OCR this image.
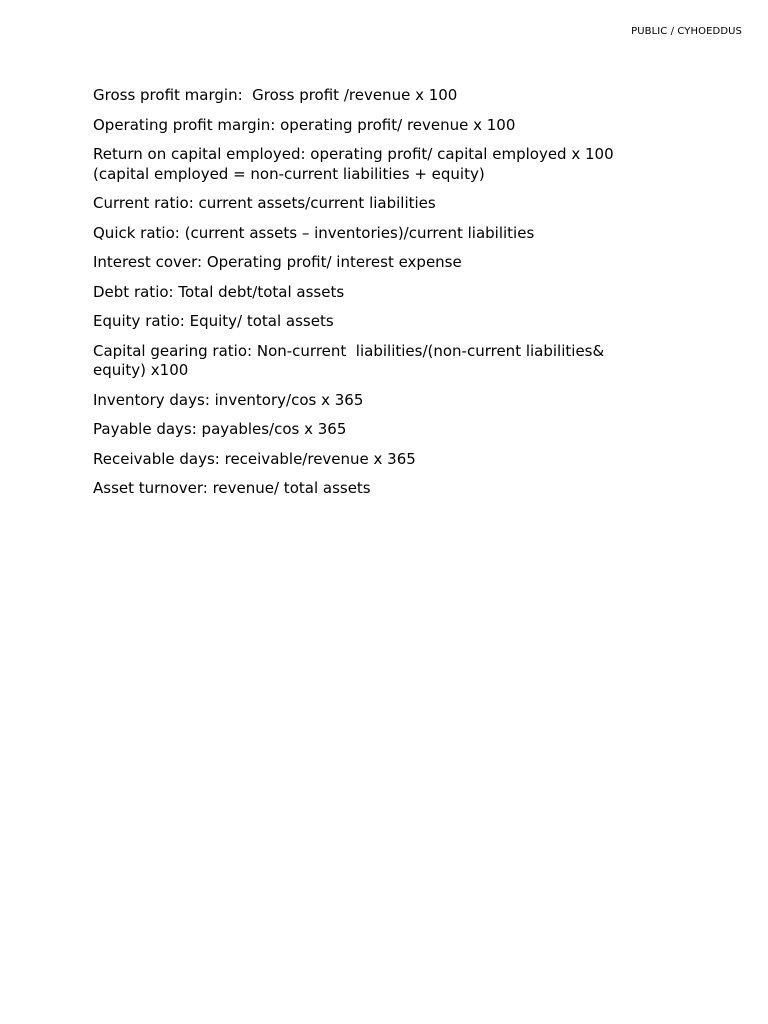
PUBLIC / CYHOEDDUS
Gross profit margin:  Gross profit /revenue x 100
Operating profit margin: operating profit/ revenue x 100
Return on capital employed: operating profit/ capital employed x 100 (capital employed = non-current liabilities + equity)
Current ratio: current assets/current liabilities
Quick ratio: (current assets – inventories)/current liabilities
Interest cover: Operating profit/ interest expense
Debt ratio: Total debt/total assets
Equity ratio: Equity/ total assets
Capital gearing ratio: Non-current  liabilities/(non-current liabilities& equity) x100
Inventory days: inventory/cos x 365
Payable days: payables/cos x 365
Receivable days: receivable/revenue x 365
Asset turnover: revenue/ total assets
